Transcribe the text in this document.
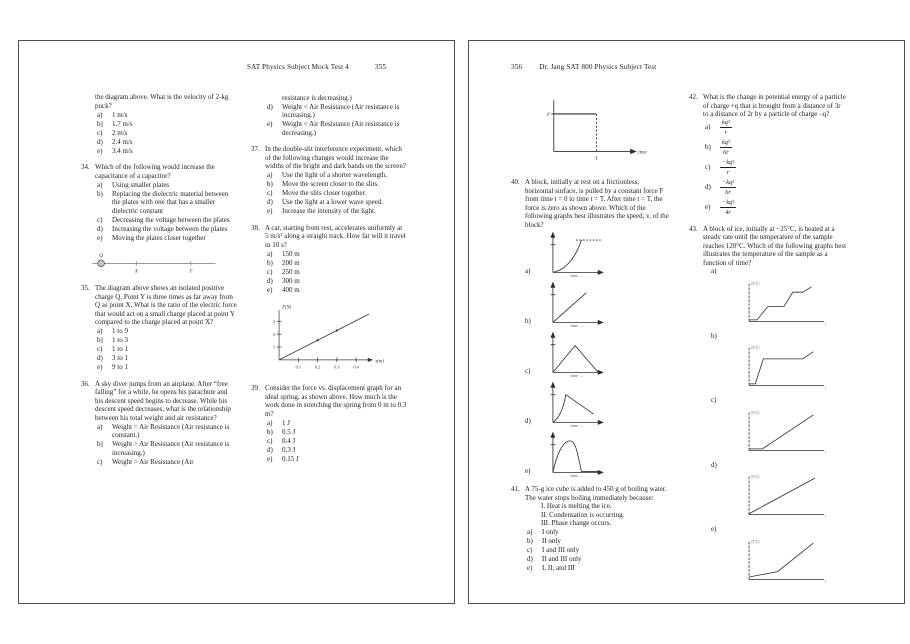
SAT Physics Subject Mock Test 4	355
the diagram above. What is the velocity of 2-kg puck?
a)	1 m/s
b)	1.7 m/s
c)	2 m/s
d)	2.4 m/s
e)	3.4 m/s
34. Which of the following would increase the capacitance of a capacitor?
a)	Using smaller plates
b)	Replacing the dielectric material between the plates with one that has a smaller dielectric constant
c)	Decreasing the voltage between the plates
d)	Increasing the voltage between the plates
e)	Moving the plates closer together
Q
X	Y
35. The diagram above shows an isolated positive charge Q. Point Y is three times as far away from Q as point X. What is the ratio of the electric force that would act on a small charge placed at point Y compared to the charge placed at point X?
a)	1 to 9
b)	1 to 3
c)	1 to 1
d)	3 to 1
e)	9 to 1
36. A sky diver jumps from an airplane. After “free falling” for a while, he opens his parachute and his descent speed begins to decrease. While his descent speed decreases, what is the relationship between his total weight and air resistance?
a)	Weight = Air Resistance (Air resistance is constant.)
b)	Weight > Air Resistance (Air resistance is increasing.)
c)	Weight > Air Resistance (Air
resistance is decreasing.)
d)	Weight < Air Resistance (Air resistance is increasing.)
e)	Weight < Air Resistance (Air resistance is decreasing.)
37. In the double-slit interference experiment, which of the following changes would increase the widths of the bright and dark bands on the screen?
a)	Use the light of a shorter wavelength.
b)	Move the screen closer to the slits.
c)	Move the slits closer together.
d)	Use the light at a lower wave speed.
e)	Increase the intensity of the light.
38. A car, starting from rest, accelerates uniformly at 5 m/s² along a straight track. How far will it travel in 10 s?
a)	150 m
b)	200 m
c)	250 m
d)	300 m
e)	400 m
F(N)
x(m)
1
2
3
0.1 0.2 0.3 0.4
39. Consider the force vs. displacement graph for an ideal spring, as shown above. How much is the work done in stretching the spring from 0 m to 0.3 m?
a)	1 J
b)	0.5 J
c)	0.4 J
d)	0.3 J
e)	0.15 J
356 Dr. Jang SAT 800 Physics Subject Test
F
T
time
40. A block, initially at rest on a frictionless, horizontal surface, is pulled by a constant force F from time t = 0 to time t = T. After time t = T, the force is zero as shown above. Which of the following graphs best illustrates the speed, v, of the block?
a)
time →
b)
time →
c)
time →
d)
time →
e)
time →
41. A 75-g ice cube is added to 450 g of boiling water. The water stops boiling immediately because:
I. Heat is melting the ice.
II. Condensation is occurring.
III. Phase change occurs.
a)	I only
b)	II only
c)	I and III only
d)	II and III only
e)	I, II, and III
42. What is the change in potential energy of a particle of charge +q that is brought from a distance of 3r to a distance of 2r by a particle of charge –q?
a)	$\frac{\text{kq²}}{r}$
b)	$\frac{\text{kq²}}{6r}$
c)	$\frac{\text{−kq²}}{r}$
d)	$\frac{\text{−kq²}}{6r}$
e)	$\frac{\text{−kq²}}{4r}$
43. A block of ice, initially at −25°C, is heated at a steady rate until the temperature of the sample reaches 120°C. Which of the following graphs best illustrates the temperature of the sample as a function of time?
a)
T(°C)
t
b)
T(°C)
t
c)
T(°C)
t
d)
T(°C)
t
e)
T(°C)
t
